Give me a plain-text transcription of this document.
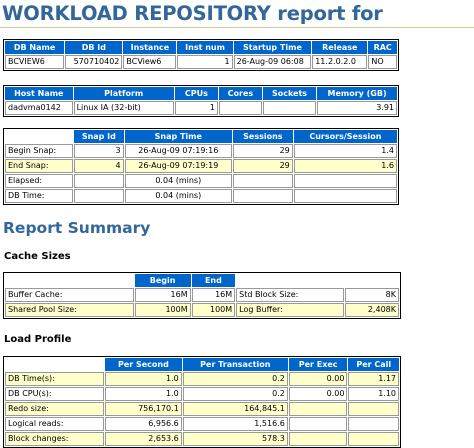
WORKLOAD REPOSITORY report for
DB Name	DB Id	Instance	Inst num	Startup Time	Release	RAC
BCVIEW6	570710402	BCView6	1	26-Aug-09 06:08	11.2.0.2.0	NO
Host Name	Platform	CPUs	Cores	Sockets	Memory (GB)
dadvma0142	Linux IA (32-bit)	1			3.91
	Snap Id	Snap Time	Sessions	Cursors/Session
Begin Snap:	3	26-Aug-09 07:19:16	29	1.4
End Snap:	4	26-Aug-09 07:19:19	29	1.6
Elapsed:		0.04 (mins)		
DB Time:		0.04 (mins)		
Report Summary
Cache Sizes
	Begin	End		
Buffer Cache:	16M	16M	Std Block Size:	8K
Shared Pool Size:	100M	100M	Log Buffer:	2,408K
Load Profile
	Per Second	Per Transaction	Per Exec	Per Call
DB Time(s):	1.0	0.2	0.00	1.17
DB CPU(s):	1.0	0.2	0.00	1.10
Redo size:	756,170.1	164,845.1		
Logical reads:	6,956.6	1,516.6		
Block changes:	2,653.6	578.3		
